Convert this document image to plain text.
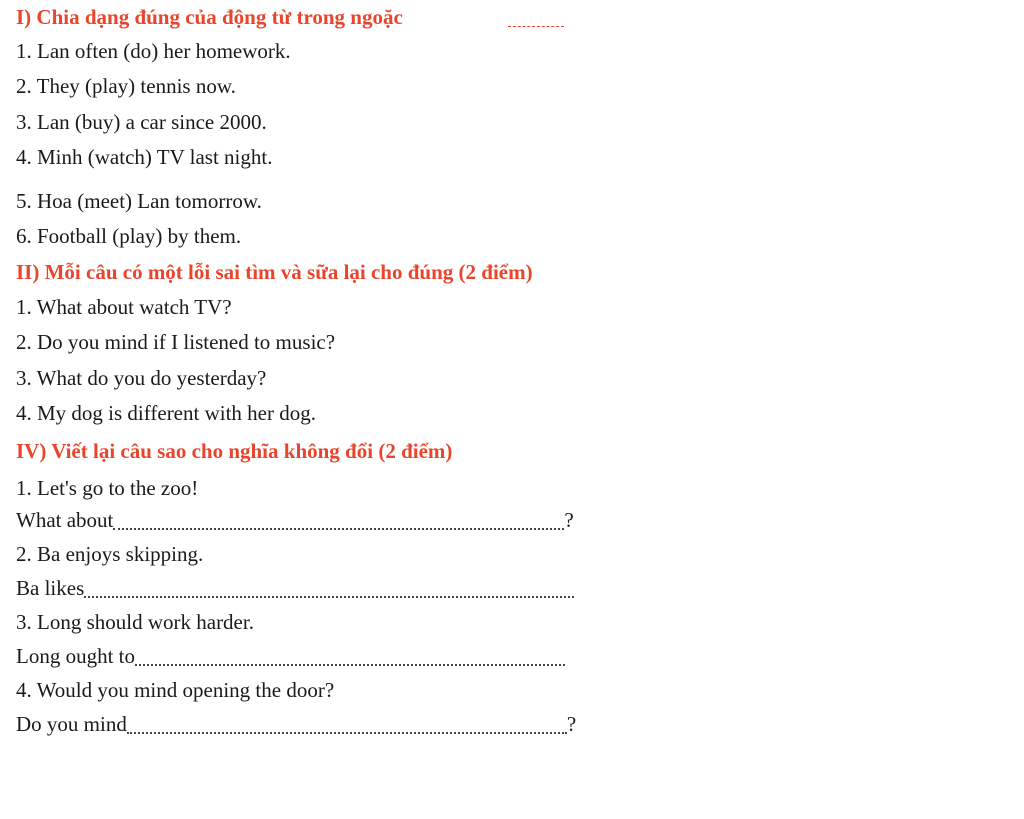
I) Chia dạng đúng của động từ trong ngoặc
1. Lan often (do) her homework.
2. They (play) tennis now.
3. Lan (buy) a car since 2000.
4. Minh (watch) TV last night.
5. Hoa (meet) Lan tomorrow.
6. Football (play) by them.
II) Mỗi câu có một lỗi sai tìm và sữa lại cho đúng (2 điểm)
1. What about watch TV?
2. Do you mind if I listened to music?
3. What do you do yesterday?
4. My dog is different with her dog.
IV) Viết lại câu sao cho nghĩa không đổi (2 điểm)
1. Let's go to the zoo!
What about	?
2. Ba enjoys skipping.
Ba likes
3. Long should work harder.
Long ought to
4. Would you mind opening the door?
Do you mind	?
